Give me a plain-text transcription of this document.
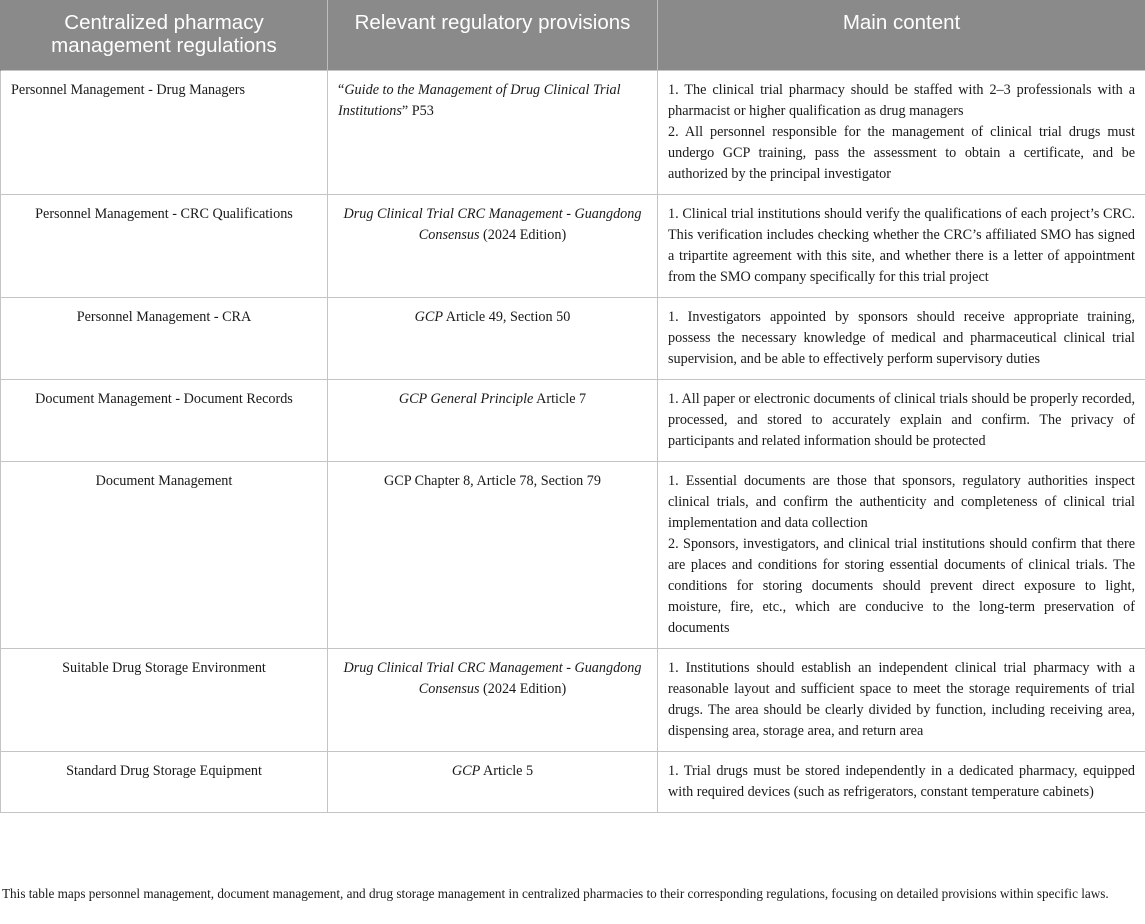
Centralized pharmacy management regulations	Relevant regulatory provisions	Main content
Personnel Management - Drug Managers	“Guide to the Management of Drug Clinical Trial Institutions” P53	1. The clinical trial pharmacy should be staffed with 2–3 professionals with a pharmacist or higher qualification as drug managers
2. All personnel responsible for the management of clinical trial drugs must undergo GCP training, pass the assessment to obtain a certificate, and be authorized by the principal investigator

Personnel Management - CRC Qualifications	Drug Clinical Trial CRC Management - Guangdong Consensus (2024 Edition)	1. Clinical trial institutions should verify the qualifications of each project’s CRC. This verification includes checking whether the CRC’s affiliated SMO has signed a tripartite agreement with this site, and whether there is a letter of appointment from the SMO company specifically for this trial project

Personnel Management - CRA	GCP Article 49, Section 50	1. Investigators appointed by sponsors should receive appropriate training, possess the necessary knowledge of medical and pharmaceutical clinical trial supervision, and be able to effectively perform supervisory duties

Document Management - Document Records	GCP General Principle Article 7	1. All paper or electronic documents of clinical trials should be properly recorded, processed, and stored to accurately explain and confirm. The privacy of participants and related information should be protected

Document Management	GCP Chapter 8, Article 78, Section 79	1. Essential documents are those that sponsors, regulatory authorities inspect clinical trials, and confirm the authenticity and completeness of clinical trial implementation and data collection
2. Sponsors, investigators, and clinical trial institutions should confirm that there are places and conditions for storing essential documents of clinical trials. The conditions for storing documents should prevent direct exposure to light, moisture, fire, etc., which are conducive to the long-term preservation of documents

Suitable Drug Storage Environment	Drug Clinical Trial CRC Management - Guangdong Consensus (2024 Edition)	1. Institutions should establish an independent clinical trial pharmacy with a reasonable layout and sufficient space to meet the storage requirements of trial drugs. The area should be clearly divided by function, including receiving area, dispensing area, storage area, and return area

Standard Drug Storage Equipment	GCP Article 5	1. Trial drugs must be stored independently in a dedicated pharmacy, equipped with required devices (such as refrigerators, constant temperature cabinets)

This table maps personnel management, document management, and drug storage management in centralized pharmacies to their corresponding regulations, focusing on detailed provisions within specific laws.
